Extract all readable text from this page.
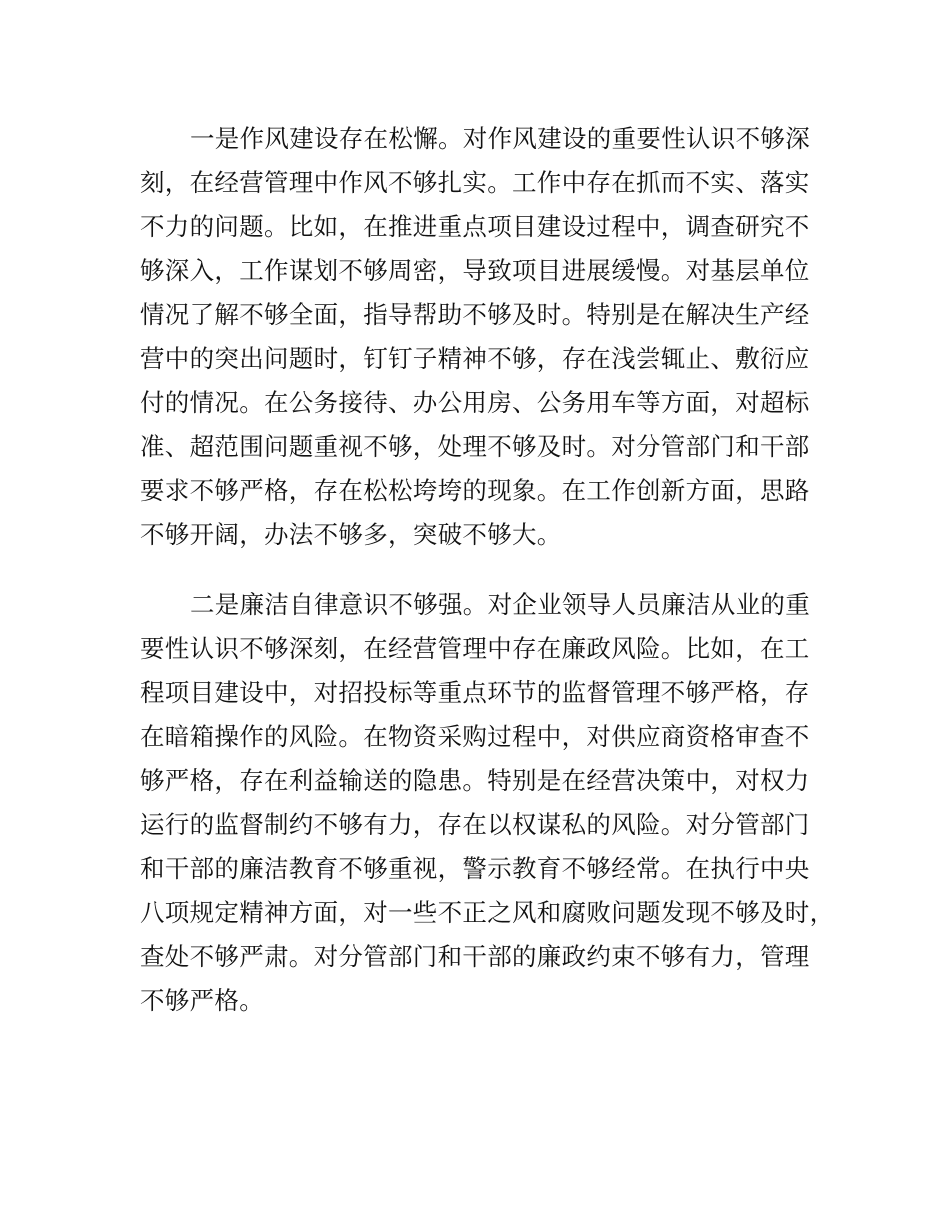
一是作风建设存在松懈。对作风建设的重要性认识不够深
刻，在经营管理中作风不够扎实。工作中存在抓而不实、落实
不力的问题。比如，在推进重点项目建设过程中，调查研究不
够深入，工作谋划不够周密，导致项目进展缓慢。对基层单位
情况了解不够全面，指导帮助不够及时。特别是在解决生产经
营中的突出问题时，钉钉子精神不够，存在浅尝辄止、敷衍应
付的情况。在公务接待、办公用房、公务用车等方面，对超标
准、超范围问题重视不够，处理不够及时。对分管部门和干部
要求不够严格，存在松松垮垮的现象。在工作创新方面，思路
不够开阔，办法不够多，突破不够大。
二是廉洁自律意识不够强。对企业领导人员廉洁从业的重
要性认识不够深刻，在经营管理中存在廉政风险。比如，在工
程项目建设中，对招投标等重点环节的监督管理不够严格，存
在暗箱操作的风险。在物资采购过程中，对供应商资格审查不
够严格，存在利益输送的隐患。特别是在经营决策中，对权力
运行的监督制约不够有力，存在以权谋私的风险。对分管部门
和干部的廉洁教育不够重视，警示教育不够经常。在执行中央
八项规定精神方面，对一些不正之风和腐败问题发现不够及时，
查处不够严肃。对分管部门和干部的廉政约束不够有力，管理
不够严格。
